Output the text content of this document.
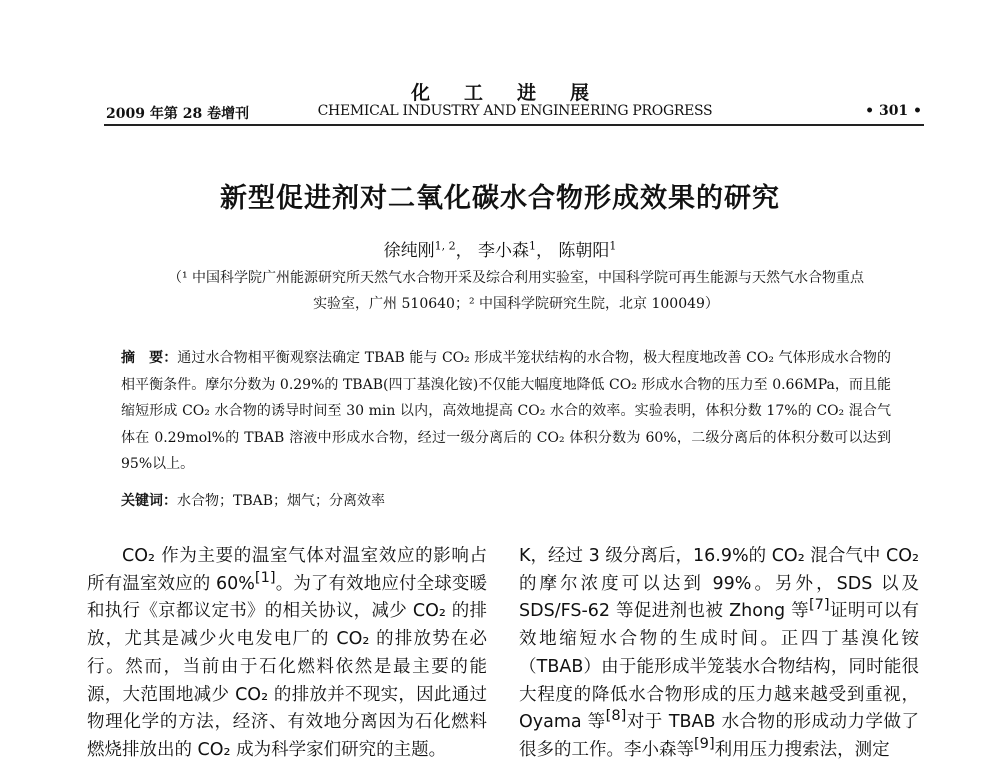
化工进展
2009 年第 28 卷增刊	CHEMICAL INDUSTRY AND ENGINEERING PROGRESS	• 301 •
新型促进剂对二氧化碳水合物形成效果的研究
徐纯刚$^{1, 2}$， 李小森$^1$， 陈朝阳$^1$
（¹ 中国科学院广州能源研究所天然气水合物开采及综合利用实验室，中国科学院可再生能源与天然气水合物重点
实验室，广州 510640；² 中国科学院研究生院，北京 100049）
摘　要：通过水合物相平衡观察法确定 TBAB 能与 CO₂ 形成半笼状结构的水合物，极大程度地改善 CO₂ 气体形成水合物的相平衡条件。摩尔分数为 0.29%的 TBAB(四丁基溴化铵)不仅能大幅度地降低 CO₂ 形成水合物的压力至 0.66MPa，而且能缩短形成 CO₂ 水合物的诱导时间至 30 min 以内，高效地提高 CO₂ 水合的效率。实验表明，体积分数 17%的 CO₂ 混合气体在 0.29mol%的 TBAB 溶液中形成水合物，经过一级分离后的 CO₂ 体积分数为 60%，二级分离后的体积分数可以达到 95%以上。
关键词：水合物；TBAB；烟气；分离效率
CO₂ 作为主要的温室气体对温室效应的影响占所有温室效应的 60%[1]。为了有效地应付全球变暖和执行《京都议定书》的相关协议，减少 CO₂ 的排放，尤其是减少火电发电厂的 CO₂ 的排放势在必行。然而，当前由于石化燃料依然是最主要的能源，大范围地减少 CO₂ 的排放并不现实，因此通过物理化学的方法，经济、有效地分离因为石化燃料燃烧排放出的 CO₂ 成为科学家们研究的主题。
K，经过 3 级分离后，16.9%的 CO₂ 混合气中 CO₂ 的摩尔浓度可以达到 99%。另外，SDS 以及 SDS/FS-62 等促进剂也被 Zhong 等[7]证明可以有效地缩短水合物的生成时间。正四丁基溴化铵（TBAB）由于能形成半笼装水合物结构，同时能很大程度的降低水合物形成的压力越来越受到重视，Oyama 等[8]对于 TBAB 水合物的形成动力学做了很多的工作。李小森等[9]利用压力搜索法，测定
